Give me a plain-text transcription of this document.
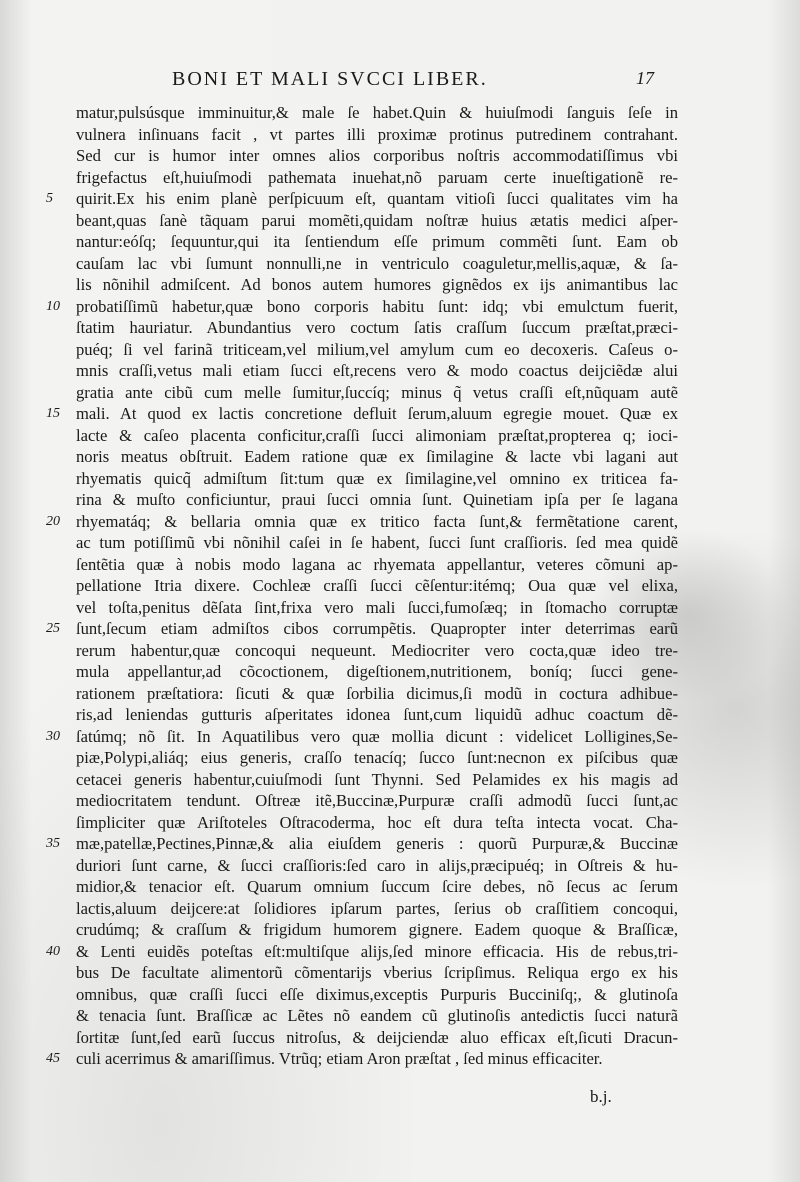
BONI ET MALI SVCCI LIBER.	17
matur,pulsúsque imminuitur,& male ſe habet.Quin & huiuſmodi ſanguis ſeſe in
vulnera inſinuans facit , vt partes illi proximæ protinus putredinem contrahant.
Sed cur is humor inter omnes alios corporibus noſtris accommodatiſſimus vbi
frigefactus eſt,huiuſmodi pathemata inuehat,nõ paruam certe inueſtigationẽ re-
5	quirit.Ex his enim planè perſpicuum eſt, quantam vitioſi ſucci qualitates vim ha
beant,quas ſanè tãquam parui momẽti,quidam noſtræ huius ætatis medici aſper-
nantur:eóſq; ſequuntur,qui ita ſentiendum eſſe primum commẽti ſunt. Eam ob
cauſam lac vbi ſumunt nonnulli,ne in ventriculo coaguletur,mellis,aquæ, & ſa-
lis nõnihil admiſcent. Ad bonos autem humores gignẽdos ex ijs animantibus lac
10 probatiſſimũ habetur,quæ bono corporis habitu ſunt: idq; vbi emulctum fuerit,
ſtatim hauriatur. Abundantius vero coctum ſatis craſſum ſuccum præſtat,præci-
puéq; ſi vel farinã triticeam,vel milium,vel amylum cum eo decoxeris. Caſeus o-
mnis craſſi,vetus mali etiam ſucci eſt,recens vero & modo coactus deijciẽdæ alui
gratia ante cibũ cum melle ſumitur,ſuccíq; minus q̃ vetus craſſi eſt,nũquam autẽ
15 mali. At quod ex lactis concretione defluit ſerum,aluum egregie mouet. Quæ ex
lacte & caſeo placenta conficitur,craſſi ſucci alimoniam præſtat,propterea q; ioci-
noris meatus obſtruit. Eadem ratione quæ ex ſimilagine & lacte vbi lagani aut
rhyematis quicq̃ admiſtum ſit:tum quæ ex ſimilagine,vel omnino ex triticea fa-
rina & muſto conficiuntur, praui ſucci omnia ſunt. Quinetiam ipſa per ſe lagana
20 rhyematáq; & bellaria omnia quæ ex tritico facta ſunt,& fermẽtatione carent,
ac tum potiſſimũ vbi nõnihil caſei in ſe habent, ſucci ſunt craſſioris. ſed mea quidẽ
ſentẽtia quæ à nobis modo lagana ac rhyemata appellantur, veteres cõmuni ap-
pellatione Itria dixere. Cochleæ craſſi ſucci cẽſentur:itémq; Oua quæ vel elixa,
vel toſta,penitus dẽſata ſint,frixa vero mali ſucci,fumoſæq; in ſtomacho corruptæ
25 ſunt,ſecum etiam admiſtos cibos corrumpẽtis. Quapropter inter deterrimas earũ
rerum habentur,quæ concoqui nequeunt. Mediocriter vero cocta,quæ ideo tre-
mula appellantur,ad cõcoctionem, digeſtionem,nutritionem, boníq; ſucci gene-
rationem præſtatiora: ſicuti & quæ ſorbilia dicimus,ſi modũ in coctura adhibue-
ris,ad leniendas gutturis aſperitates idonea ſunt,cum liquidũ adhuc coactum dẽ-
30 ſatúmq; nõ ſit. In Aquatilibus vero quæ mollia dicunt : videlicet Lolligines,Se-
piæ,Polypi,aliáq; eius generis, craſſo tenacíq; ſucco ſunt:necnon ex piſcibus quæ
cetacei generis habentur,cuiuſmodi ſunt Thynni. Sed Pelamides ex his magis ad
mediocritatem tendunt. Oſtreæ itẽ,Buccinæ,Purpuræ craſſi admodũ ſucci ſunt,ac
ſimpliciter quæ Ariſtoteles Oſtracoderma, hoc eſt dura teſta intecta vocat. Cha-
35 mæ,patellæ,Pectines,Pinnæ,& alia eiuſdem generis : quorũ Purpuræ,& Buccinæ
duriori ſunt carne, & ſucci craſſioris:ſed caro in alijs,præcipuéq; in Oſtreis & hu-
midior,& tenacior eſt. Quarum omnium ſuccum ſcire debes, nõ ſecus ac ſerum
lactis,aluum deijcere:at ſolidiores ipſarum partes, ſerius ob craſſitiem concoqui,
crudúmq; & craſſum & frigidum humorem gignere. Eadem quoque & Braſſicæ,
40 & Lenti euidẽs poteſtas eſt:multiſque alijs,ſed minore efficacia. His de rebus,tri-
bus De facultate alimentorũ cõmentarijs vberius ſcripſimus. Reliqua ergo ex his
omnibus, quæ craſſi ſucci eſſe diximus,exceptis Purpuris Bucciniſq;, & glutinoſa
& tenacia ſunt. Braſſicæ ac Lẽtes nõ eandem cũ glutinoſis antedictis ſucci naturã
ſortitæ ſunt,ſed earũ ſuccus nitroſus, & deijciendæ aluo efficax eſt,ſicuti Dracun-
45 culi acerrimus & amariſſimus. Vtrũq; etiam Aron præſtat , ſed minus efficaciter.
b.j.
